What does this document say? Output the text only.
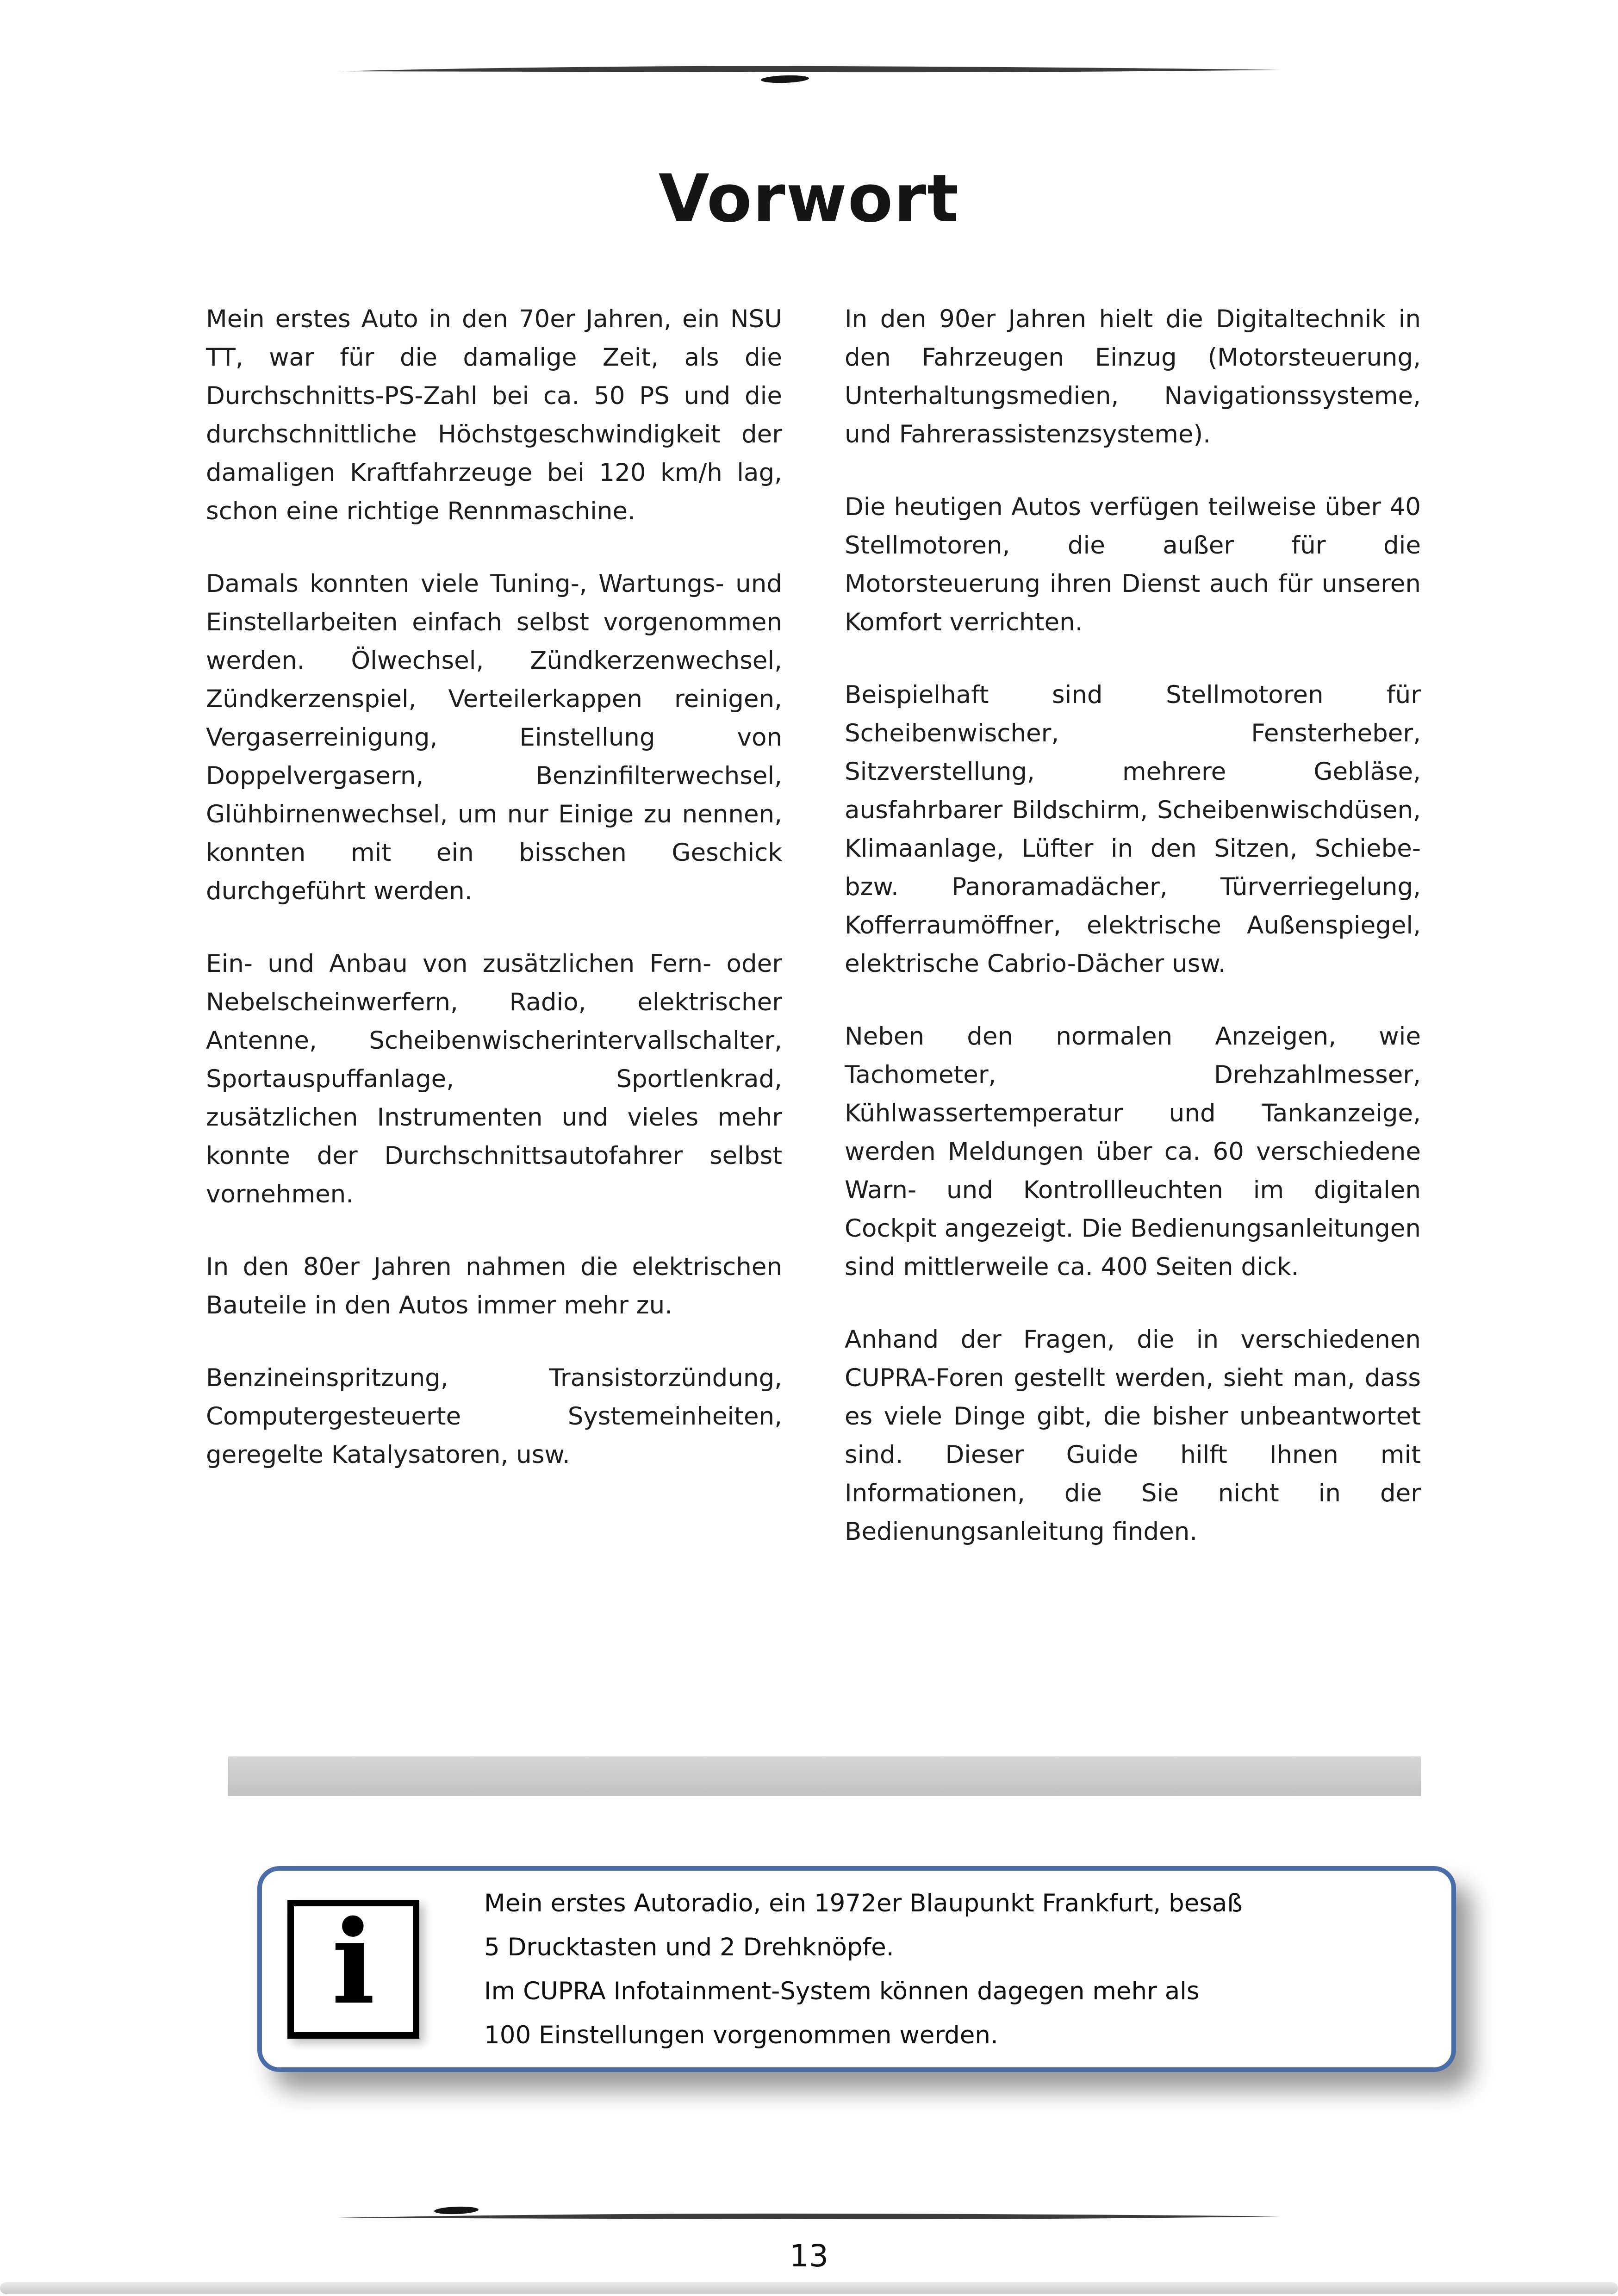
Vorwort

Mein erstes Auto in den 70er Jahren, ein NSU TT, war für die damalige Zeit, als die Durchschnitts-PS-Zahl bei ca. 50 PS und die durchschnittliche Höchstgeschwindigkeit der damaligen Kraftfahrzeuge bei 120 km/h lag, schon eine richtige Rennmaschine.

Damals konnten viele Tuning-, Wartungs- und Einstellarbeiten einfach selbst vorgenommen werden. Ölwechsel, Zündkerzenwechsel, Zündkerzenspiel, Verteilerkappen reinigen, Vergaserreinigung, Einstellung von Doppelvergasern, Benzinfilterwechsel, Glühbirnenwechsel, um nur Einige zu nennen, konnten mit ein bisschen Geschick durchgeführt werden.

Ein- und Anbau von zusätzlichen Fern- oder Nebelscheinwerfern, Radio, elektrischer Antenne, Scheibenwischerintervallschalter, Sportauspuffanlage, Sportlenkrad, zusätzlichen Instrumenten und vieles mehr konnte der Durchschnittsautofahrer selbst vornehmen.

In den 80er Jahren nahmen die elektrischen Bauteile in den Autos immer mehr zu.

Benzineinspritzung, Transistorzündung, Computergesteuerte Systemeinheiten, geregelte Katalysatoren, usw.

In den 90er Jahren hielt die Digitaltechnik in den Fahrzeugen Einzug (Motorsteuerung, Unterhaltungsmedien, Navigationssysteme, und Fahrerassistenzsysteme).

Die heutigen Autos verfügen teilweise über 40 Stellmotoren, die außer für die Motorsteuerung ihren Dienst auch für unseren Komfort verrichten.

Beispielhaft sind Stellmotoren für Scheibenwischer, Fensterheber, Sitzverstellung, mehrere Gebläse, ausfahrbarer Bildschirm, Scheibenwischdüsen, Klimaanlage, Lüfter in den Sitzen, Schiebe- bzw. Panoramadächer, Türverriegelung, Kofferraumöffner, elektrische Außenspiegel, elektrische Cabrio-Dächer usw.

Neben den normalen Anzeigen, wie Tachometer, Drehzahlmesser, Kühlwassertemperatur und Tankanzeige, werden Meldungen über ca. 60 verschiedene Warn- und Kontrollleuchten im digitalen Cockpit angezeigt. Die Bedienungsanleitungen sind mittlerweile ca. 400 Seiten dick.

Anhand der Fragen, die in verschiedenen CUPRA-Foren gestellt werden, sieht man, dass es viele Dinge gibt, die bisher unbeantwortet sind. Dieser Guide hilft Ihnen mit Informationen, die Sie nicht in der Bedienungsanleitung finden.

i	Mein erstes Autoradio, ein 1972er Blaupunkt Frankfurt, besaß
5 Drucktasten und 2 Drehknöpfe.
Im CUPRA Infotainment-System können dagegen mehr als
100 Einstellungen vorgenommen werden.
13
